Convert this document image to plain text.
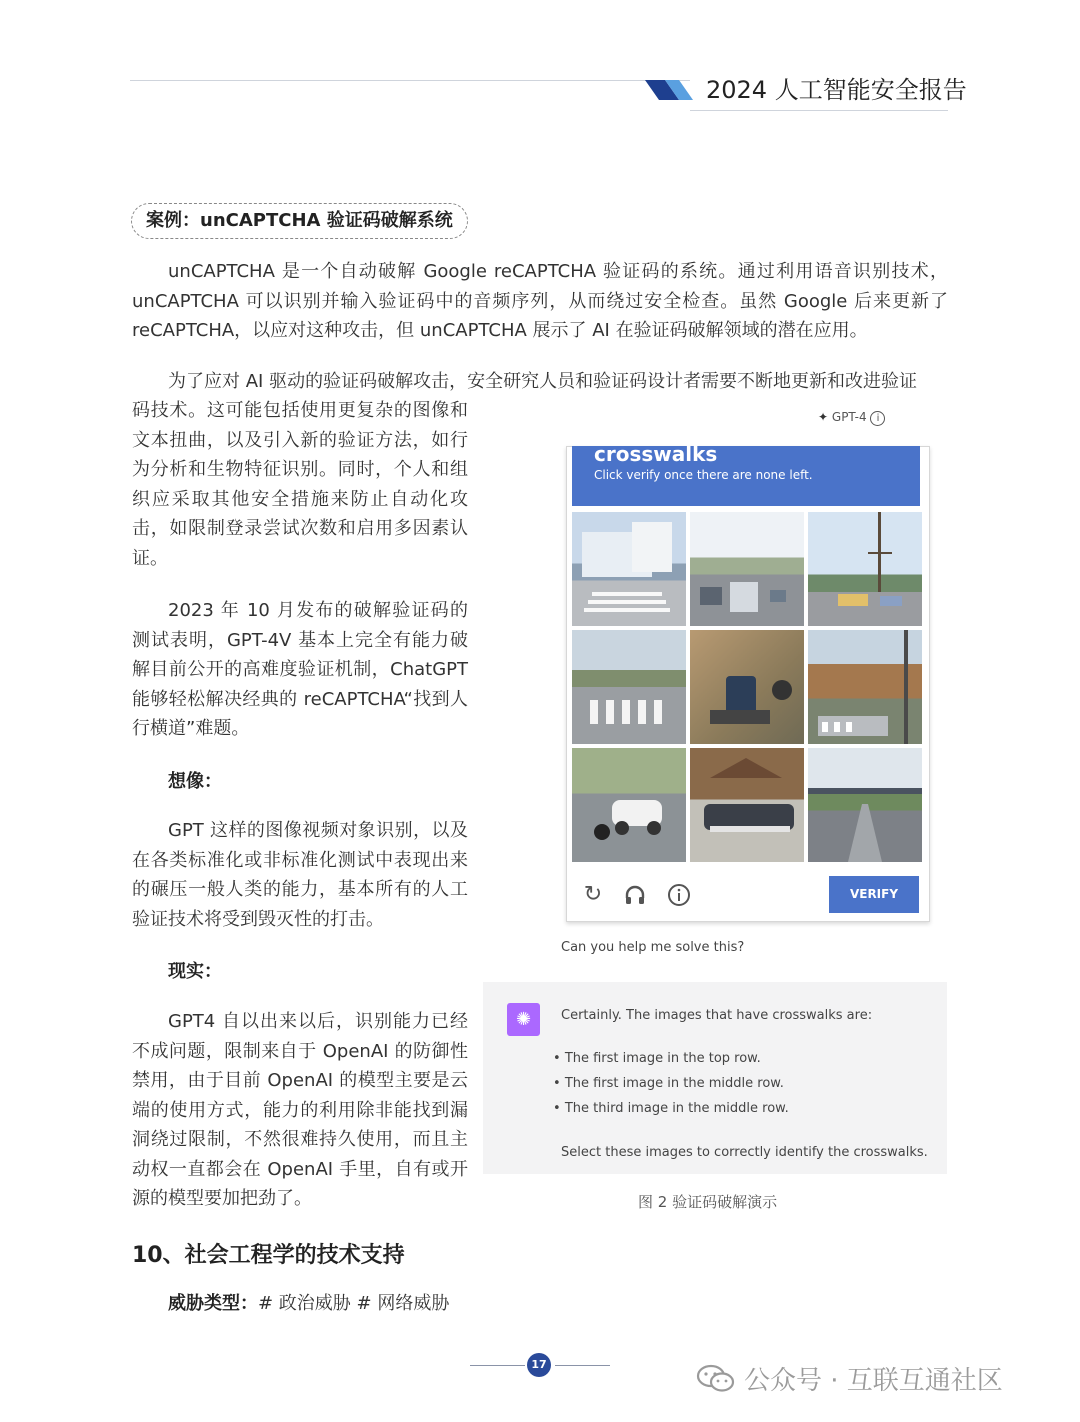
2024 人工智能安全报告
案例：unCAPTCHA 验证码破解系统
unCAPTCHA 是一个自动破解 Google reCAPTCHA 验证码的系统。通过利用语音识别技术，unCAPTCHA 可以识别并输入验证码中的音频序列，从而绕过安全检查。虽然 Google 后来更新了 reCAPTCHA，以应对这种攻击，但 unCAPTCHA 展示了 AI 在验证码破解领域的潜在应用。
为了应对 AI 驱动的验证码破解攻击，安全研究人员和验证码设计者需要不断地更新和改进验证
码技术。这可能包括使用更复杂的图像和文本扭曲，以及引入新的验证方法，如行为分析和生物特征识别。同时，个人和组织应采取其他安全措施来防止自动化攻击，如限制登录尝试次数和启用多因素认证。
2023 年 10 月发布的破解验证码的测试表明，GPT-4V 基本上完全有能力破解目前公开的高难度验证机制，ChatGPT 能够轻松解决经典的 reCAPTCHA“找到人行横道”难题。
想像：
GPT 这样的图像视频对象识别，以及在各类标准化或非标准化测试中表现出来的碾压一般人类的能力，基本所有的人工验证技术将受到毁灭性的打击。
现实：
GPT4 自以出来以后，识别能力已经不成问题，限制来自于 OpenAI 的防御性禁用，由于目前 OpenAI 的模型主要是云端的使用方式，能力的利用除非能找到漏洞绕过限制，不然很难持久使用，而且主动权一直都会在 OpenAI 手里，自有或开源的模型要加把劲了。
10、社会工程学的技术支持
威胁类型：# 政治威胁 # 网络威胁
✦ GPT-4 i
crosswalks
Click verify once there are none left.
↻	VERIFY
Can you help me solve this?
✺	Certainly. The images that have crosswalks are:
• The first image in the top row.
• The first image in the middle row.
• The third image in the middle row.
Select these images to correctly identify the crosswalks.
图 2 验证码破解演示
17
公众号 · 互联互通社区
